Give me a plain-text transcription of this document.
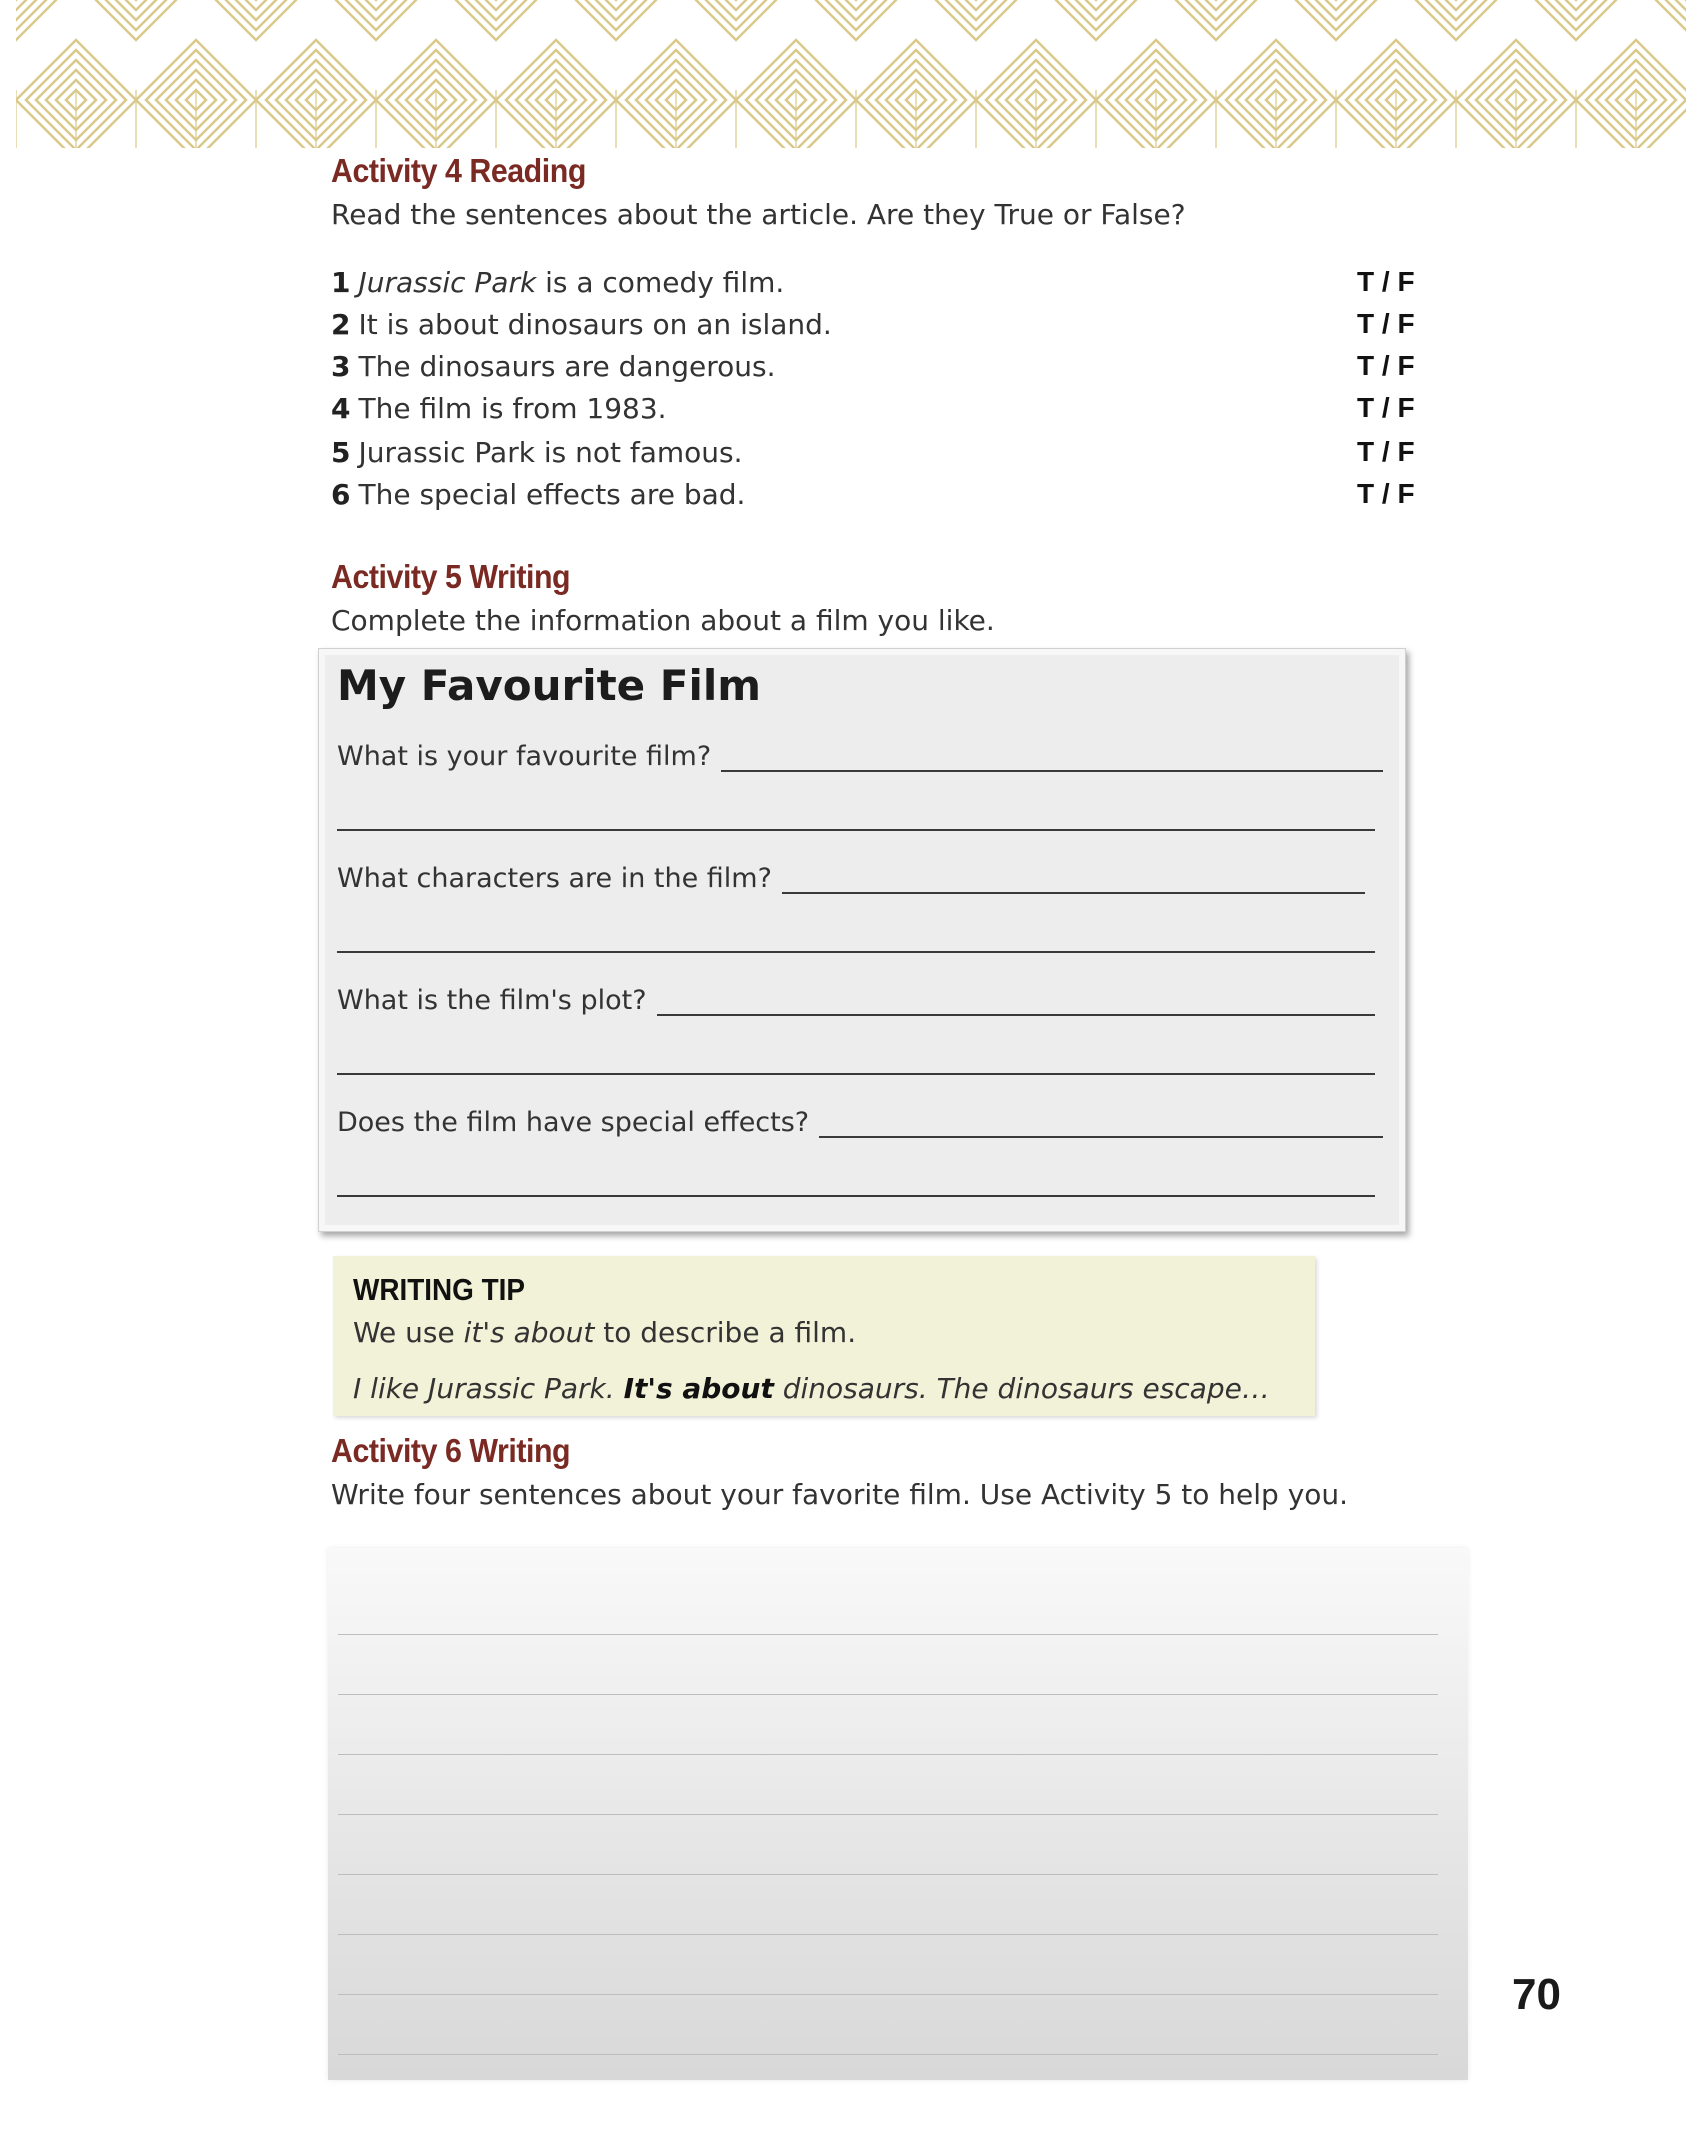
Activity 4 Reading
Read the sentences about the article. Are they True or False?
1 Jurassic Park is a comedy film.	T / F
2 It is about dinosaurs on an island.	T / F
3 The dinosaurs are dangerous.	T / F
4 The film is from 1983.	T / F
5 Jurassic Park is not famous.	T / F
6 The special effects are bad.	T / F
Activity 5 Writing
Complete the information about a film you like.
My Favourite Film
What is your favourite film?
What characters are in the film?
What is the film's plot?
Does the film have special effects?
WRITING TIP
We use it's about to describe a film.
I like Jurassic Park. It's about dinosaurs. The dinosaurs escape…
Activity 6 Writing
Write four sentences about your favorite film. Use Activity 5 to help you.
70
